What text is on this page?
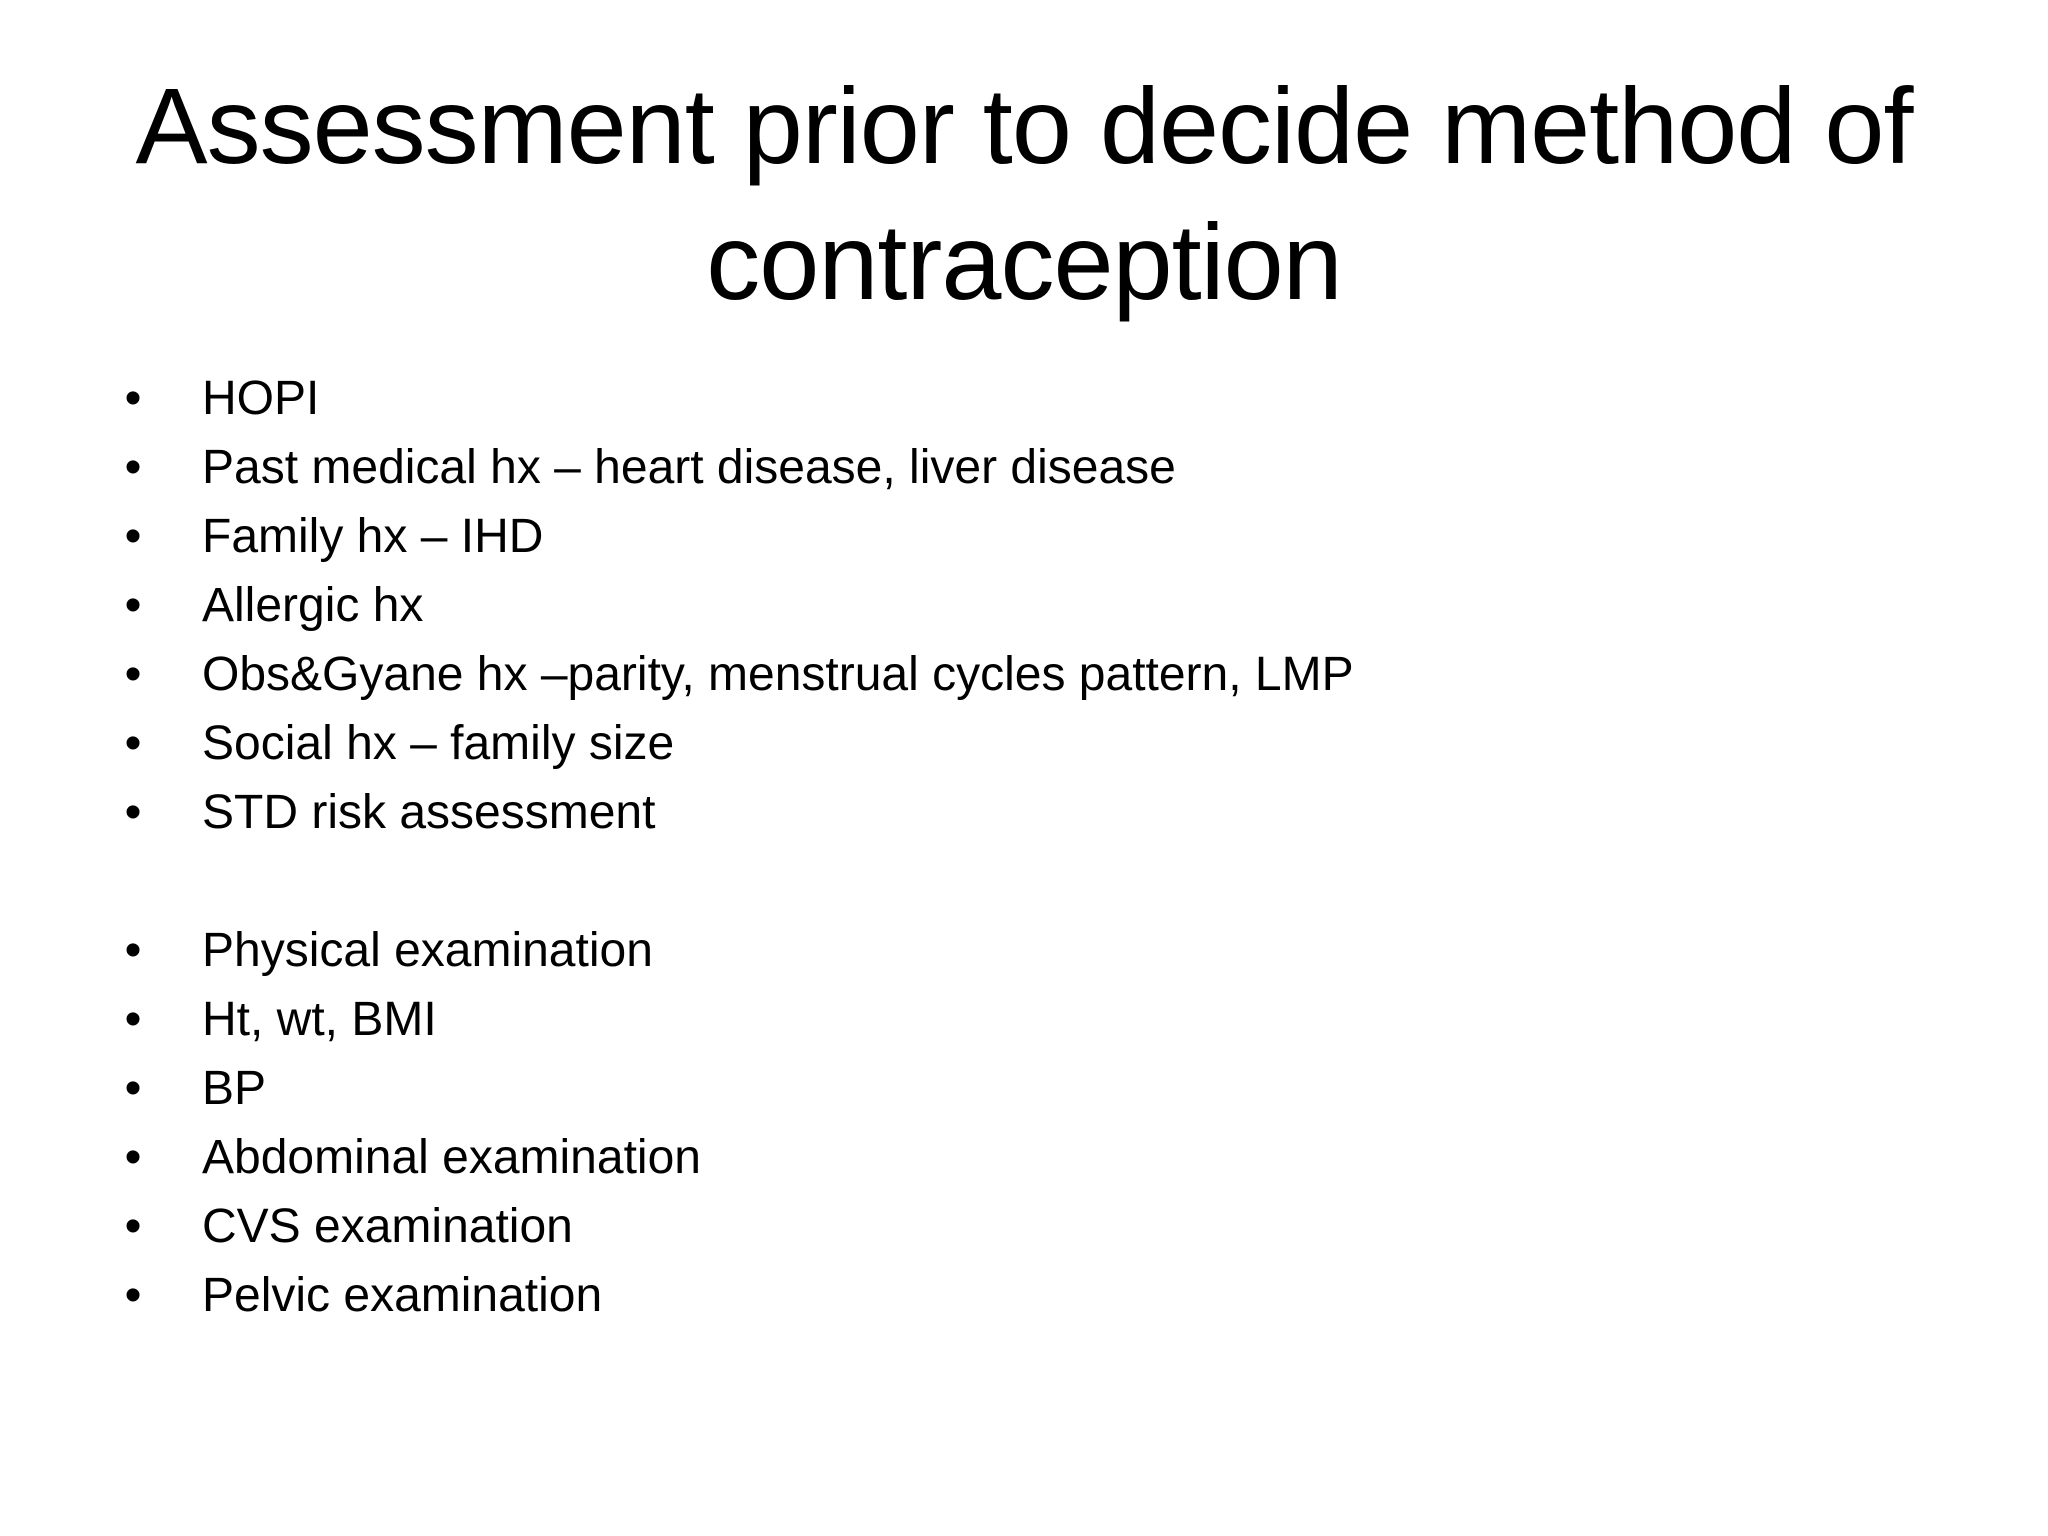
Assessment prior to decide method of
contraception
• HOPI
• Past medical hx – heart disease, liver disease
• Family hx – IHD
• Allergic hx
• Obs&Gyane hx –parity, menstrual cycles pattern, LMP
• Social hx – family size
• STD risk assessment
• Physical examination
• Ht, wt, BMI
• BP
• Abdominal examination
• CVS examination
• Pelvic examination
